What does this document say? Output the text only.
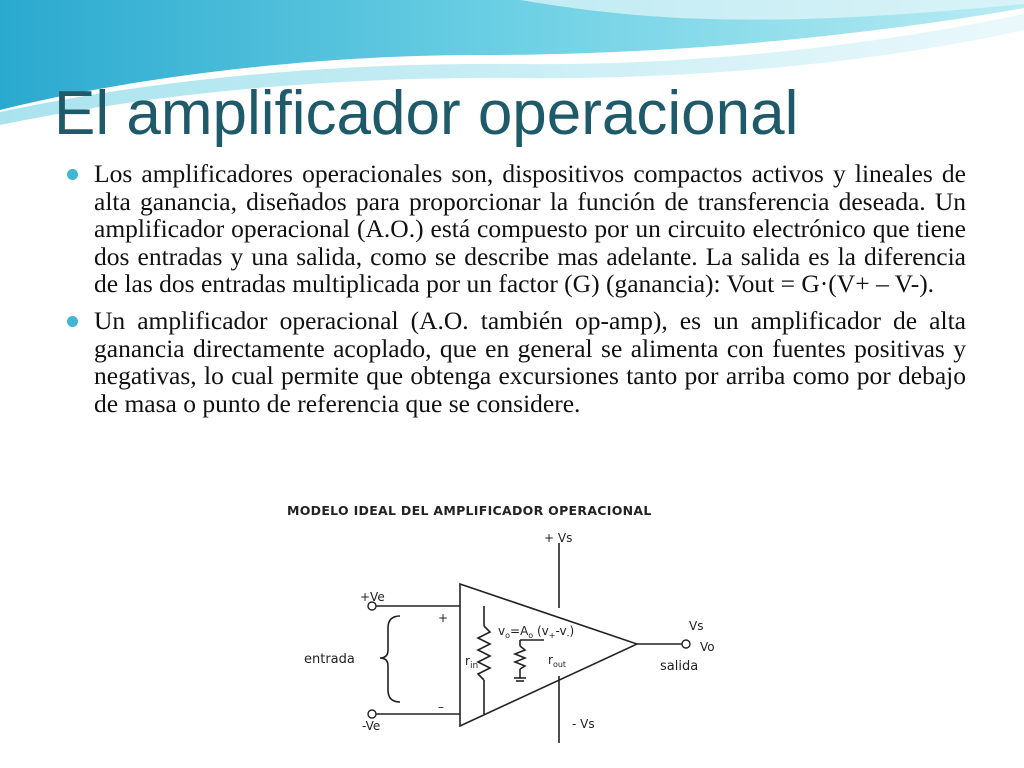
El amplificador operacional
Los amplificadores operacionales son, dispositivos compactos activos y lineales de alta ganancia, diseñados para proporcionar la función de transferencia deseada. Un amplificador operacional (A.O.) está compuesto por un circuito electrónico que tiene dos entradas y una salida, como se describe mas adelante. La salida es la diferencia de las dos entradas multiplicada por un factor (G) (ganancia): Vout = G·(V+ – V-).
Un amplificador operacional (A.O. también op-amp), es un amplificador de alta ganancia directamente acoplado, que en general se alimenta con fuentes positivas y negativas, lo cual permite que obtenga excursiones tanto por arriba como por debajo de masa o punto de referencia que se considere.
MODELO IDEAL DEL AMPLIFICADOR OPERACIONAL
+ Vs
- Vs
+Ve
-Ve
+
–
entrada	$r_{in}$
$v_o=A_o$ $(v_+-v_-)$
$r_{out}$
Vs
Vo
salida
